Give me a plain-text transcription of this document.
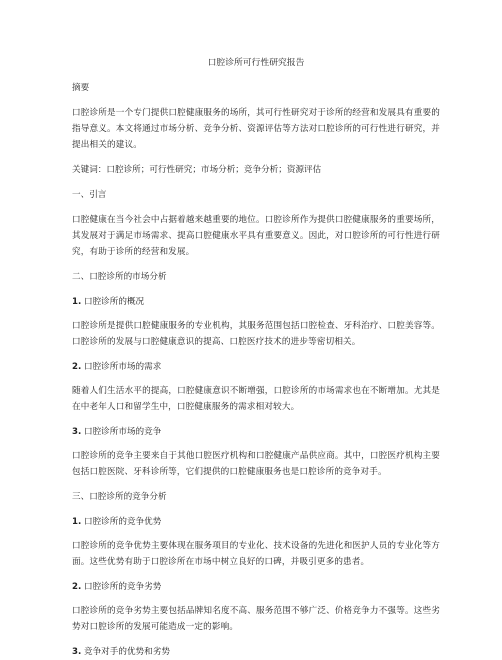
口腔诊所可行性研究报告

摘要

口腔诊所是一个专门提供口腔健康服务的场所，其可行性研究对于诊所的经营和发展具有重要的指导意义。本文将通过市场分析、竞争分析、资源评估等方法对口腔诊所的可行性进行研究，并提出相关的建议。

关键词：口腔诊所；可行性研究；市场分析；竞争分析；资源评估

一、引言

口腔健康在当今社会中占据着越来越重要的地位。口腔诊所作为提供口腔健康服务的重要场所，其发展对于满足市场需求、提高口腔健康水平具有重要意义。因此，对口腔诊所的可行性进行研究，有助于诊所的经营和发展。

二、口腔诊所的市场分析

1. 口腔诊所的概况

口腔诊所是提供口腔健康服务的专业机构，其服务范围包括口腔检查、牙科治疗、口腔美容等。口腔诊所的发展与口腔健康意识的提高、口腔医疗技术的进步等密切相关。

2. 口腔诊所市场的需求

随着人们生活水平的提高，口腔健康意识不断增强，口腔诊所的市场需求也在不断增加。尤其是在中老年人口和留学生中，口腔健康服务的需求相对较大。

3. 口腔诊所市场的竞争

口腔诊所的竞争主要来自于其他口腔医疗机构和口腔健康产品供应商。其中，口腔医疗机构主要包括口腔医院、牙科诊所等，它们提供的口腔健康服务也是口腔诊所的竞争对手。

三、口腔诊所的竞争分析

1. 口腔诊所的竞争优势

口腔诊所的竞争优势主要体现在服务项目的专业化、技术设备的先进化和医护人员的专业化等方面。这些优势有助于口腔诊所在市场中树立良好的口碑，并吸引更多的患者。

2. 口腔诊所的竞争劣势

口腔诊所的竞争劣势主要包括品牌知名度不高、服务范围不够广泛、价格竞争力不强等。这些劣势对口腔诊所的发展可能造成一定的影响。

3. 竞争对手的优势和劣势
